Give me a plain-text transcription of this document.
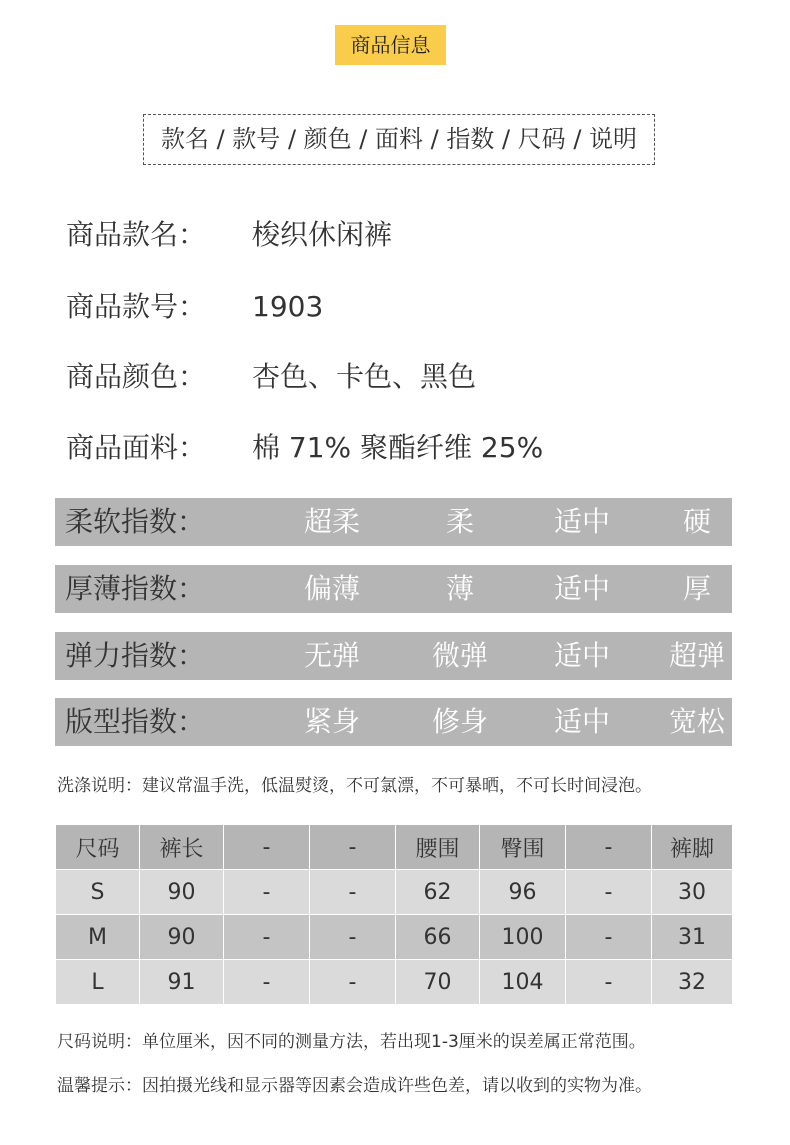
商品信息
款名 / 款号 / 颜色 / 面料 / 指数 / 尺码 / 说明
商品款名： 梭织休闲裤
商品款号： 1903
商品颜色： 杏色、卡色、黑色
商品面料： 棉 71% 聚酯纤维 25%
柔软指数：	超柔	柔	适中	硬
厚薄指数：	偏薄	薄	适中	厚
弹力指数：	无弹	微弹	适中	超弹
版型指数：	紧身	修身	适中	宽松
洗涤说明：建议常温手洗，低温熨烫，不可氯漂，不可暴晒，不可长时间浸泡。
尺码	裤长	-	-	腰围	臀围	-	裤脚
S	90	-	-	62	96	-	30
M	90	-	-	66	100	-	31
L	91	-	-	70	104	-	32
尺码说明：单位厘米，因不同的测量方法，若出现1-3厘米的误差属正常范围。
温馨提示：因拍摄光线和显示器等因素会造成许些色差，请以收到的实物为准。
